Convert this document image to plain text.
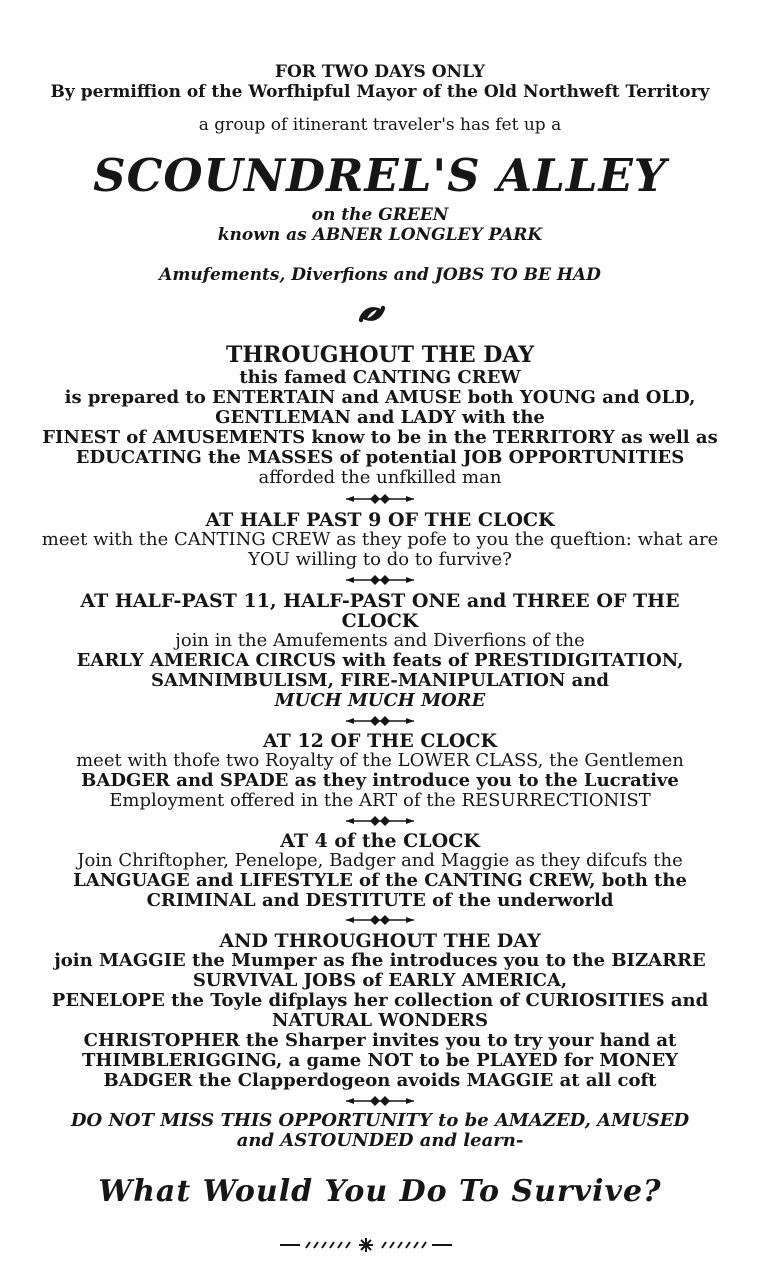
FOR TWO DAYS ONLY

By permiffion of the Worfhipful Mayor of the Old Northweft Territory

a group of itinerant traveler's has fet up a

SCOUNDREL'S ALLEY

on the GREEN

known as ABNER LONGLEY PARK

Amufements, Diverfions and JOBS TO BE HAD

THROUGHOUT THE DAY

this famed CANTING CREW

is prepared to ENTERTAIN and AMUSE both YOUNG and OLD,

GENTLEMAN and LADY with the

FINEST of AMUSEMENTS know to be in the TERRITORY as well as

EDUCATING the MASSES of potential JOB OPPORTUNITIES

afforded the unfkilled man

AT HALF PAST 9 OF THE CLOCK

meet with the CANTING CREW as they pofe to you the queftion: what are

YOU willing to do to furvive?

AT HALF-PAST 11, HALF-PAST ONE and THREE OF THE

CLOCK

join in the Amufements and Diverfions of the

EARLY AMERICA CIRCUS with feats of PRESTIDIGITATION,

SAMNIMBULISM, FIRE-MANIPULATION and

MUCH MUCH MORE

AT 12 OF THE CLOCK

meet with thofe two Royalty of the LOWER CLASS, the Gentlemen

BADGER and SPADE as they introduce you to the Lucrative

Employment offered in the ART of the RESURRECTIONIST

AT 4 of the CLOCK

Join Chriftopher, Penelope, Badger and Maggie as they difcufs the

LANGUAGE and LIFESTYLE of the CANTING CREW, both the

CRIMINAL and DESTITUTE of the underworld

AND THROUGHOUT THE DAY

join MAGGIE the Mumper as fhe introduces you to the BIZARRE

SURVIVAL JOBS of EARLY AMERICA,

PENELOPE the Toyle difplays her collection of CURIOSITIES and

NATURAL WONDERS

CHRISTOPHER the Sharper invites you to try your hand at

THIMBLERIGGING, a game NOT to be PLAYED for MONEY

BADGER the Clapperdogeon avoids MAGGIE at all coft

DO NOT MISS THIS OPPORTUNITY to be AMAZED, AMUSED

and ASTOUNDED and learn-

What Would You Do To Survive?
